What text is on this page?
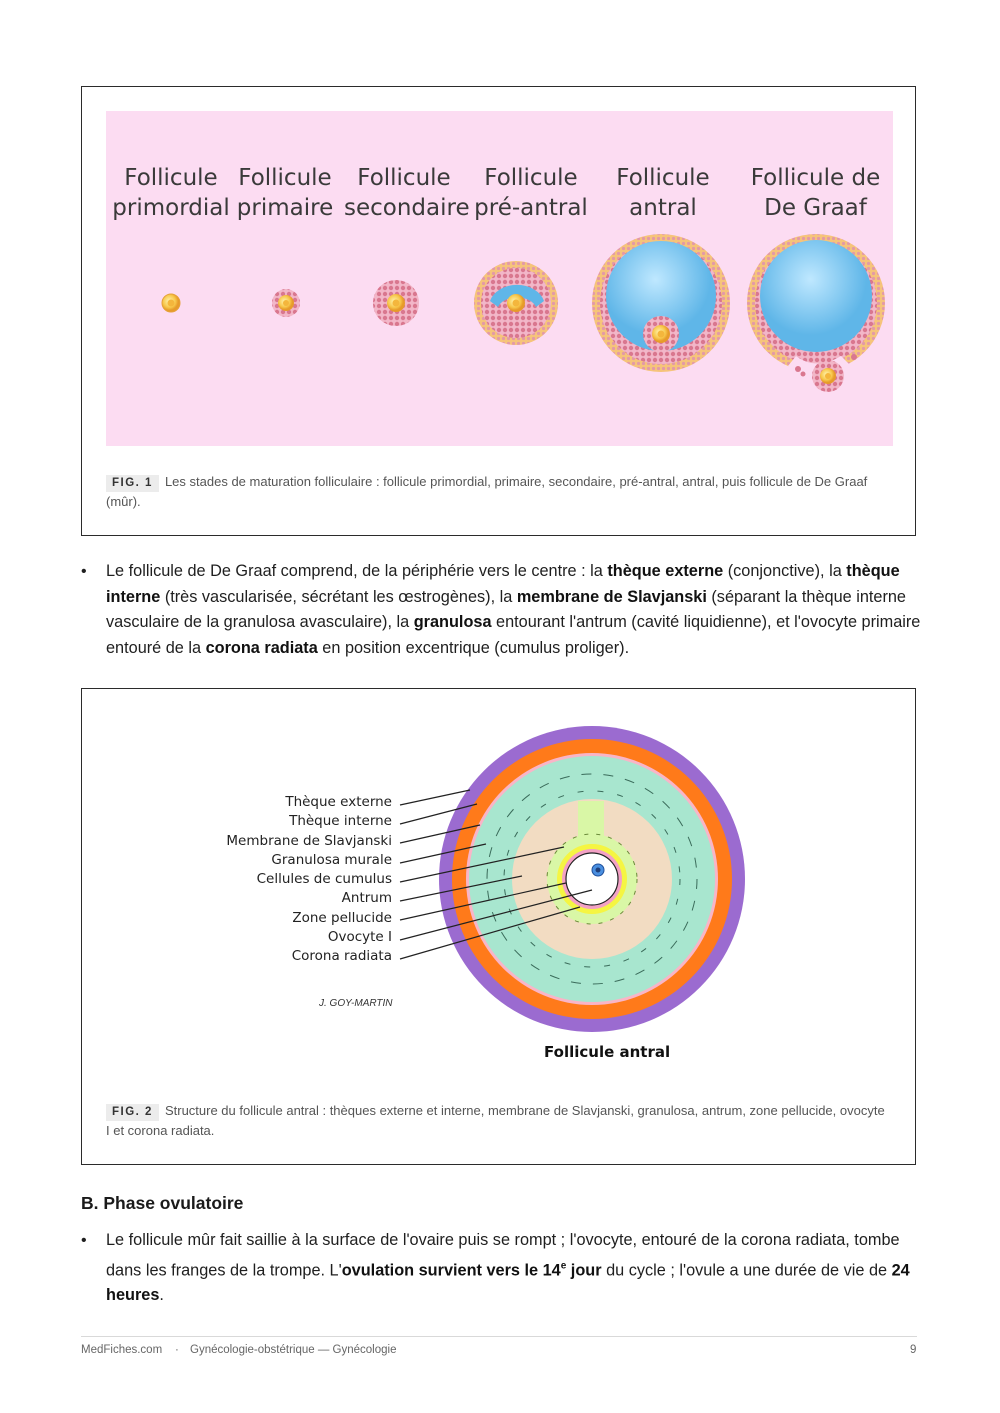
Follicule
primordial
Follicule
primaire
Follicule
secondaire
Follicule
pré-antral
Follicule
antral
Follicule de
De Graaf
FIG. 1 Les stades de maturation folliculaire : follicule primordial, primaire, secondaire, pré-antral, antral, puis follicule de De Graaf (mûr).
• Le follicule de De Graaf comprend, de la périphérie vers le centre : la thèque externe (conjonctive), la thèque interne (très vascularisée, sécrétant les œstrogènes), la membrane de Slavjanski (séparant la thèque interne vasculaire de la granulosa avasculaire), la granulosa entourant l'antrum (cavité liquidienne), et l'ovocyte primaire entouré de la corona radiata en position excentrique (cumulus proliger).
Thèque externe
Thèque interne
Membrane de Slavjanski
Granulosa murale
Cellules de cumulus
Antrum
Zone pellucide
Ovocyte I
Corona radiata
J. GOY-MARTIN
Follicule antral
FIG. 2 Structure du follicule antral : thèques externe et interne, membrane de Slavjanski, granulosa, antrum, zone pellucide, ovocyte I et corona radiata.
B. Phase ovulatoire
• Le follicule mûr fait saillie à la surface de l'ovaire puis se rompt ; l'ovocyte, entouré de la corona radiata, tombe dans les franges de la trompe. L'ovulation survient vers le 14e jour du cycle ; l'ovule a une durée de vie de 24 heures.
MedFiches.com · Gynécologie-obstétrique — Gynécologie	9
